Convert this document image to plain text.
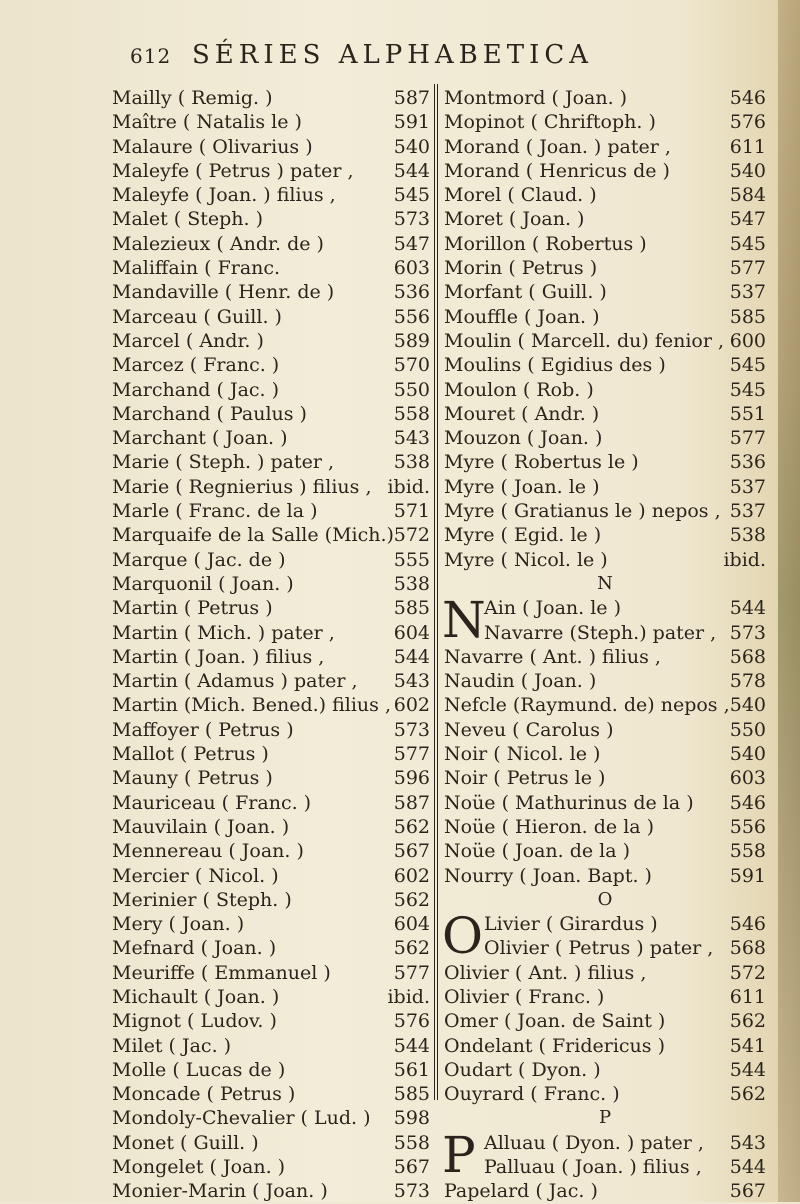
612 SÉRIES ALPHABETICA
Mailly ( Remig. )	587
Maître ( Natalis le )	591
Malaure ( Olivarius )	540
Maleyfe ( Petrus ) pater , 544
Maleyfe ( Joan. ) filius ,	545
Malet ( Steph. )	573
Malezieux ( Andr. de )	547
Maliffain ( Franc.	603
Mandaville ( Henr. de )	536
Marceau ( Guill. )	556
Marcel ( Andr. )	589
Marcez ( Franc. )	570
Marchand ( Jac. )	550
Marchand ( Paulus )	558
Marchant ( Joan. )	543
Marie ( Steph. ) pater ,	538
Marie ( Regnierius ) filius , ibid.
Marle ( Franc. de la )	571
Marquaife de la Salle (Mich.) 572
Marque ( Jac. de )	555
Marquonil ( Joan. )	538
Martin ( Petrus )	585
Martin ( Mich. ) pater ,	604
Martin ( Joan. ) filius ,	544
Martin ( Adamus ) pater , 543
Martin (Mich. Bened.) filius , 602
Maffoyer ( Petrus )	573
Mallot ( Petrus )	577
Mauny ( Petrus )	596
Mauriceau ( Franc. )	587
Mauvilain ( Joan. )	562
Mennereau ( Joan. )	567
Mercier ( Nicol. )	602
Merinier ( Steph. )	562
Mery ( Joan. )	604
Mefnard ( Joan. )	562
Meuriffe ( Emmanuel )	577
Michault ( Joan. )	ibid.
Mignot ( Ludov. )	576
Milet ( Jac. )	544
Molle ( Lucas de )	561
Moncade ( Petrus )	585
Mondoly-Chevalier ( Lud. ) 598
Monet ( Guill. )	558
Mongelet ( Joan. )	567
Monier-Marin ( Joan. )	573
Montmord ( Joan. )	546
Mopinot ( Chriftoph. )	576
Morand ( Joan. ) pater ,	611
Morand ( Henricus de )	540
Morel ( Claud. )	584
Moret ( Joan. )	547
Morillon ( Robertus )	545
Morin ( Petrus )	577
Morfant ( Guill. )	537
Mouffle ( Joan. )	585
Moulin ( Marcell. du) fenior , 600
Moulins ( Egidius des )	545
Moulon ( Rob. )	545
Mouret ( Andr. )	551
Mouzon ( Joan. )	577
Myre ( Robertus le )	536
Myre ( Joan. le )	537
Myre ( Gratianus le ) nepos , 537
Myre ( Egid. le )	538
Myre ( Nicol. le )	ibid.
N
Ain ( Joan. le )	544
N
Navarre (Steph.) pater , 573
Navarre ( Ant. ) filius ,	568
Naudin ( Joan. )	578
Nefcle (Raymund. de) nepos , 540
Neveu ( Carolus )	550
Noir ( Nicol. le )	540
Noir ( Petrus le )	603
Noüe ( Mathurinus de la ) 546
Noüe ( Hieron. de la )	556
Noüe ( Joan. de la )	558
Nourry ( Joan. Bapt. )	591
O
Livier ( Girardus )	546
O Olivier ( Petrus ) pater , 568
Olivier ( Ant. ) filius ,	572
Olivier ( Franc. )	611
Omer ( Joan. de Saint )	562
Ondelant ( Fridericus )	541
Oudart ( Dyon. )	544
Ouyrard ( Franc. )	562
P
Alluau ( Dyon. ) pater , 543
P Palluau ( Joan. ) filius , 544
Papelard ( Jac. )	567
